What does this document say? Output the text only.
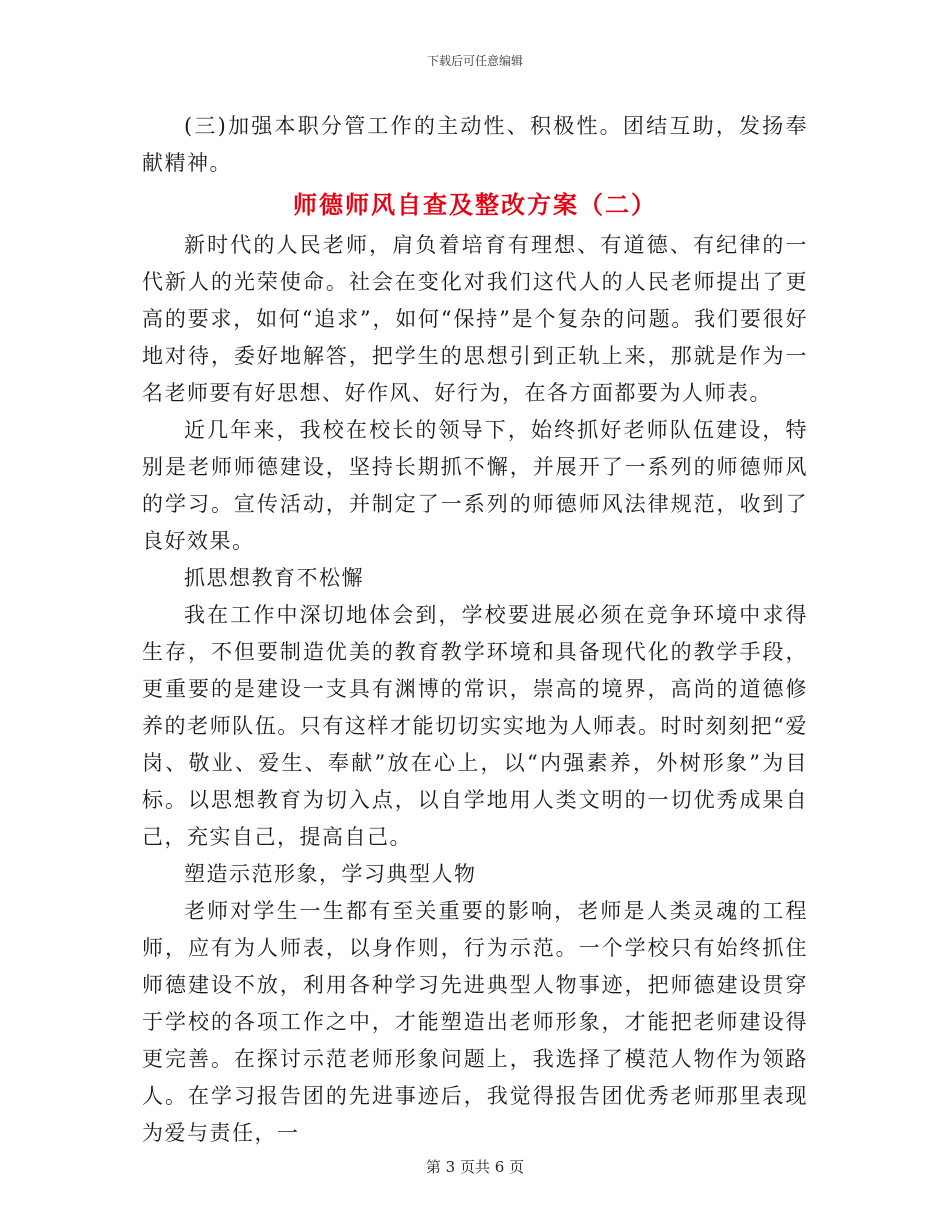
下载后可任意编辑

(三)加强本职分管工作的主动性、积极性。团结互助，发扬奉献精神。

师德师风自查及整改方案（二）

新时代的人民老师，肩负着培育有理想、有道德、有纪律的一代新人的光荣使命。社会在变化对我们这代人的人民老师提出了更高的要求，如何“追求”，如何“保持”是个复杂的问题。我们要很好地对待，委好地解答，把学生的思想引到正轨上来，那就是作为一名老师要有好思想、好作风、好行为，在各方面都要为人师表。

近几年来，我校在校长的领导下，始终抓好老师队伍建设，特别是老师师德建设，坚持长期抓不懈，并展开了一系列的师德师风的学习。宣传活动，并制定了一系列的师德师风法律规范，收到了良好效果。

抓思想教育不松懈

我在工作中深切地体会到，学校要进展必须在竞争环境中求得生存，不但要制造优美的教育教学环境和具备现代化的教学手段，更重要的是建设一支具有渊博的常识，崇高的境界，高尚的道德修养的老师队伍。只有这样才能切切实实地为人师表。时时刻刻把“爱岗、敬业、爱生、奉献”放在心上，以“内强素养，外树形象”为目标。以思想教育为切入点，以自学地用人类文明的一切优秀成果自己，充实自己，提高自己。

塑造示范形象，学习典型人物

老师对学生一生都有至关重要的影响，老师是人类灵魂的工程师，应有为人师表，以身作则，行为示范。一个学校只有始终抓住师德建设不放，利用各种学习先进典型人物事迹，把师德建设贯穿于学校的各项工作之中，才能塑造出老师形象，才能把老师建设得更完善。在探讨示范老师形象问题上，我选择了模范人物作为领路人。在学习报告团的先进事迹后，我觉得报告团优秀老师那里表现为爱与责任，一

第 3 页共 6 页
